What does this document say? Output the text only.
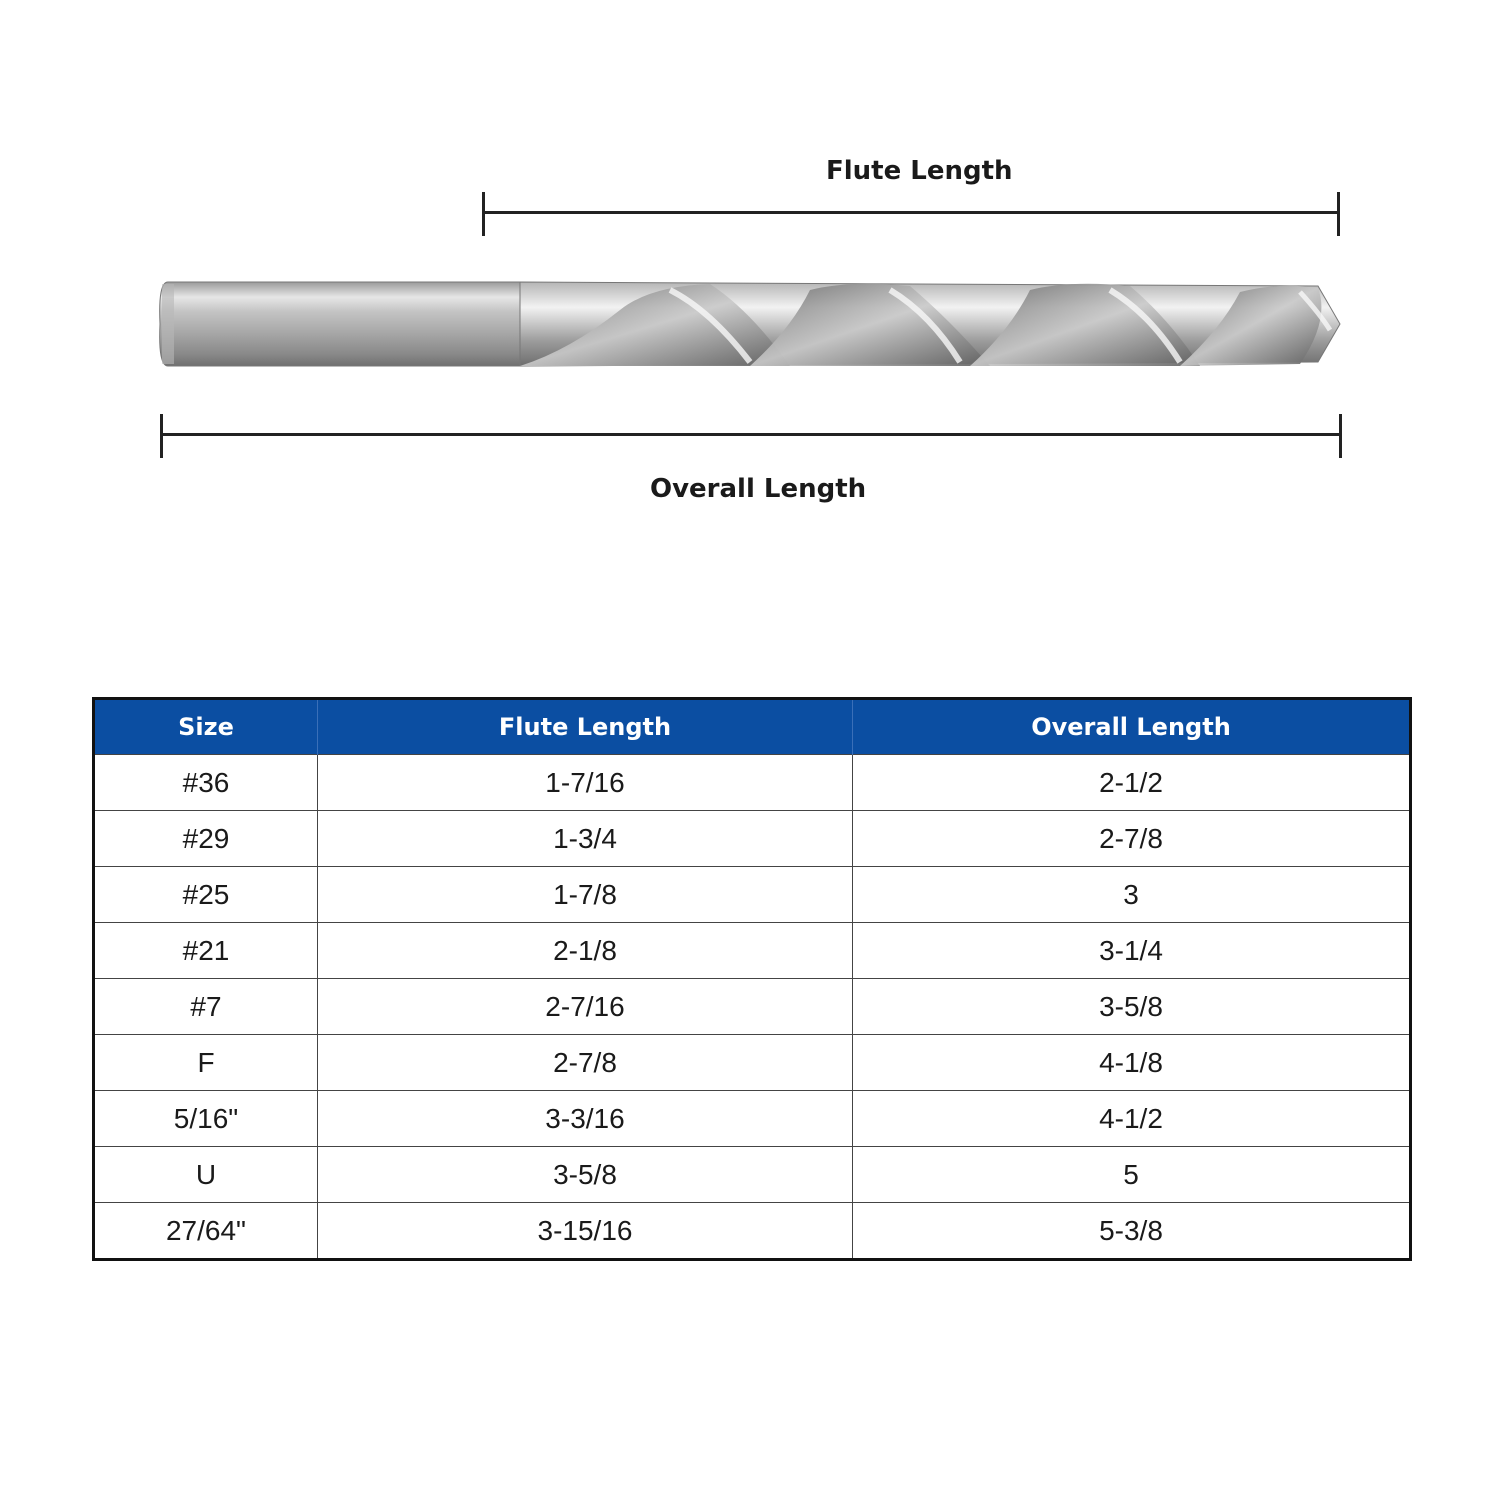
Flute Length
Overall Length
Size	Flute Length	Overall Length
#36	1-7/16	2-1/2
#29	1-3/4	2-7/8
#25	1-7/8	3
#21	2-1/8	3-1/4
#7	2-7/16	3-5/8
F	2-7/8	4-1/8
5/16"	3-3/16	4-1/2
U	3-5/8	5
27/64"	3-15/16	5-3/8
